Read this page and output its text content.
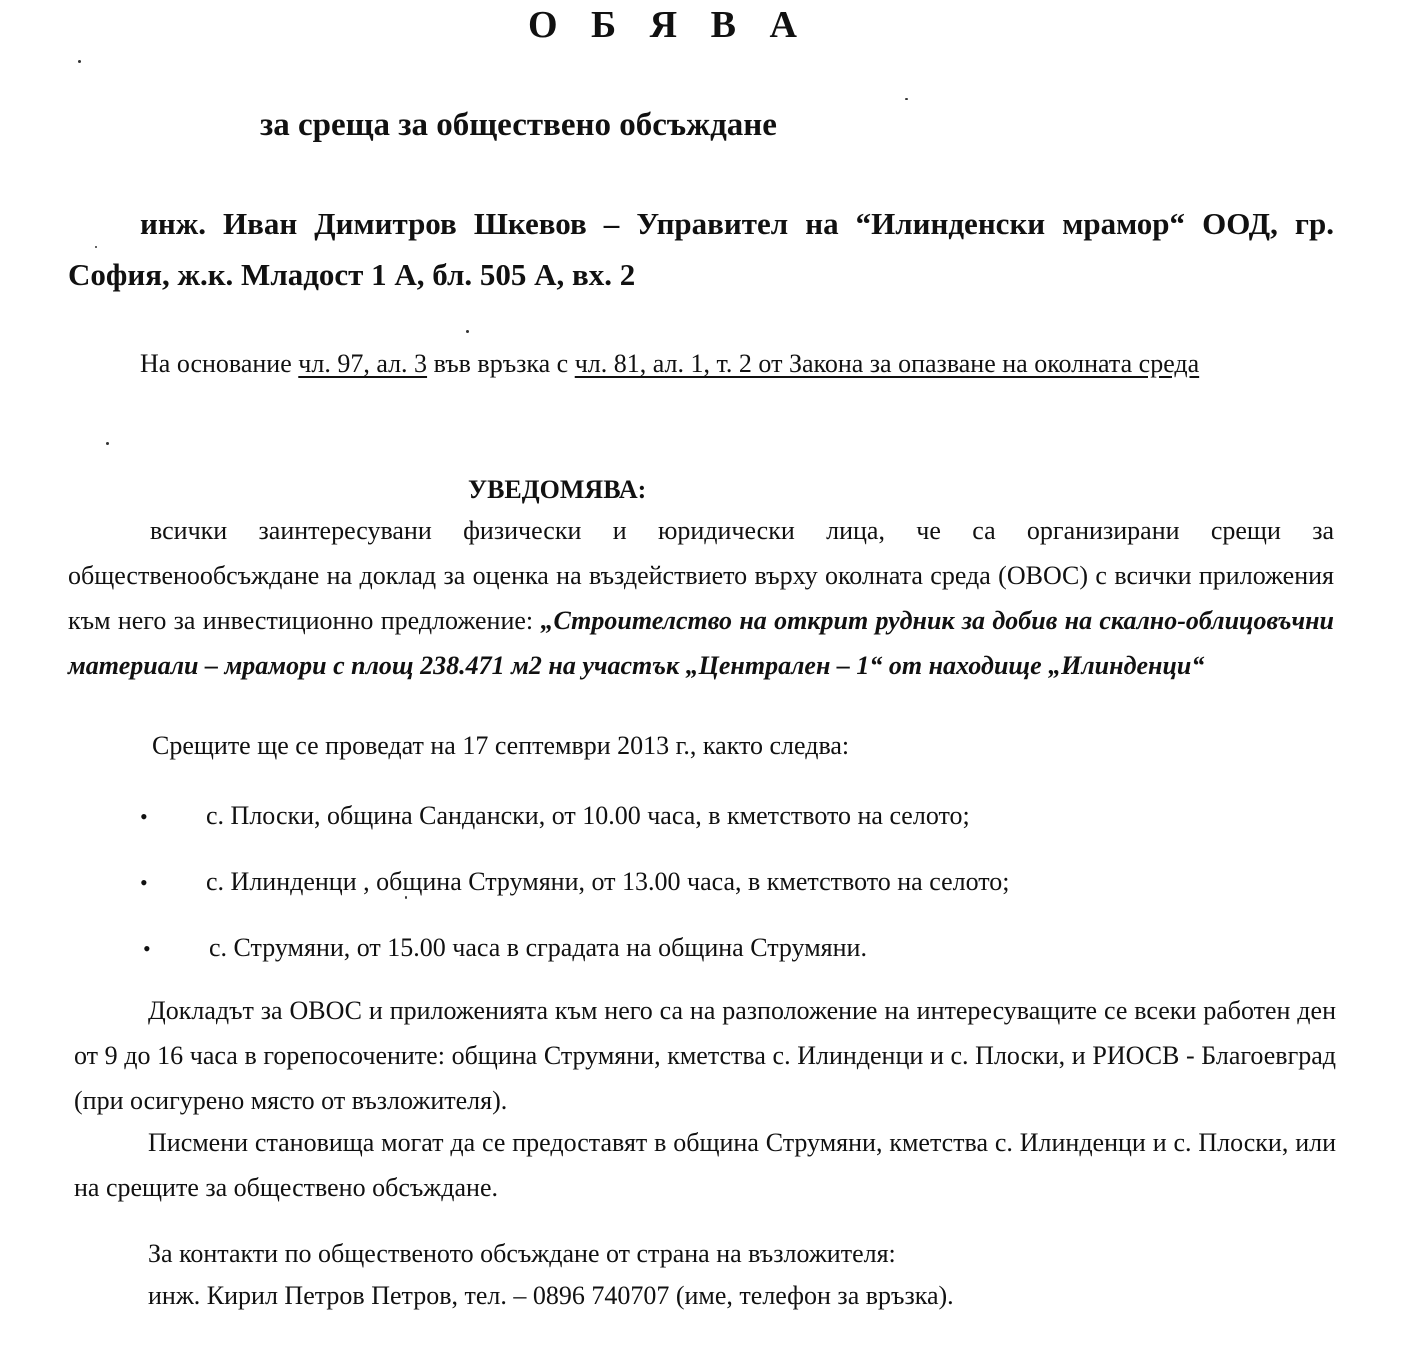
О Б Я В А
за среща за обществено обсъждане
инж. Иван Димитров Шкевов – Управител на “Илинденски мрамор“ ООД, гр. София, ж.к. Младост 1 А, бл. 505 А, вх. 2
На основание чл. 97, ал. 3 във връзка с чл. 81, ал. 1, т. 2 от Закона за опазване на околната среда
УВЕДОМЯВА:
всички заинтересувани физически и юридически лица, че са организирани срещи за общественообсъждане на доклад за оценка на въздействието върху околната среда (ОВОС) с всички приложения към него за инвестиционно предложение: „Строителство на открит рудник за добив на скално-облицовъчни материали – мрамори с площ 238.471 м2 на участък „Централен – 1“ от находище „Илинденци“
Срещите ще се проведат на 17 септември 2013 г., както следва:
• с. Плоски, община Сандански, от 10.00 часа, в кметството на селото;
• с. Илинденци , община Струмяни, от 13.00 часа, в кметството на селото;
• с. Струмяни, от 15.00 часа в сградата на община Струмяни.
Докладът за ОВОС и приложенията към него са на разположение на интересуващите се всеки работен ден от 9 до 16 часа в горепосочените: община Струмяни, кметства с. Илинденци и с. Плоски, и РИОСВ - Благоевград (при осигурено място от възложителя).
Писмени становища могат да се предоставят в община Струмяни, кметства с. Илинденци и с. Плоски, или на срещите за обществено обсъждане.
За контакти по общественото обсъждане от страна на възложителя:
инж. Кирил Петров Петров, тел. – 0896 740707 (име, телефон за връзка).
